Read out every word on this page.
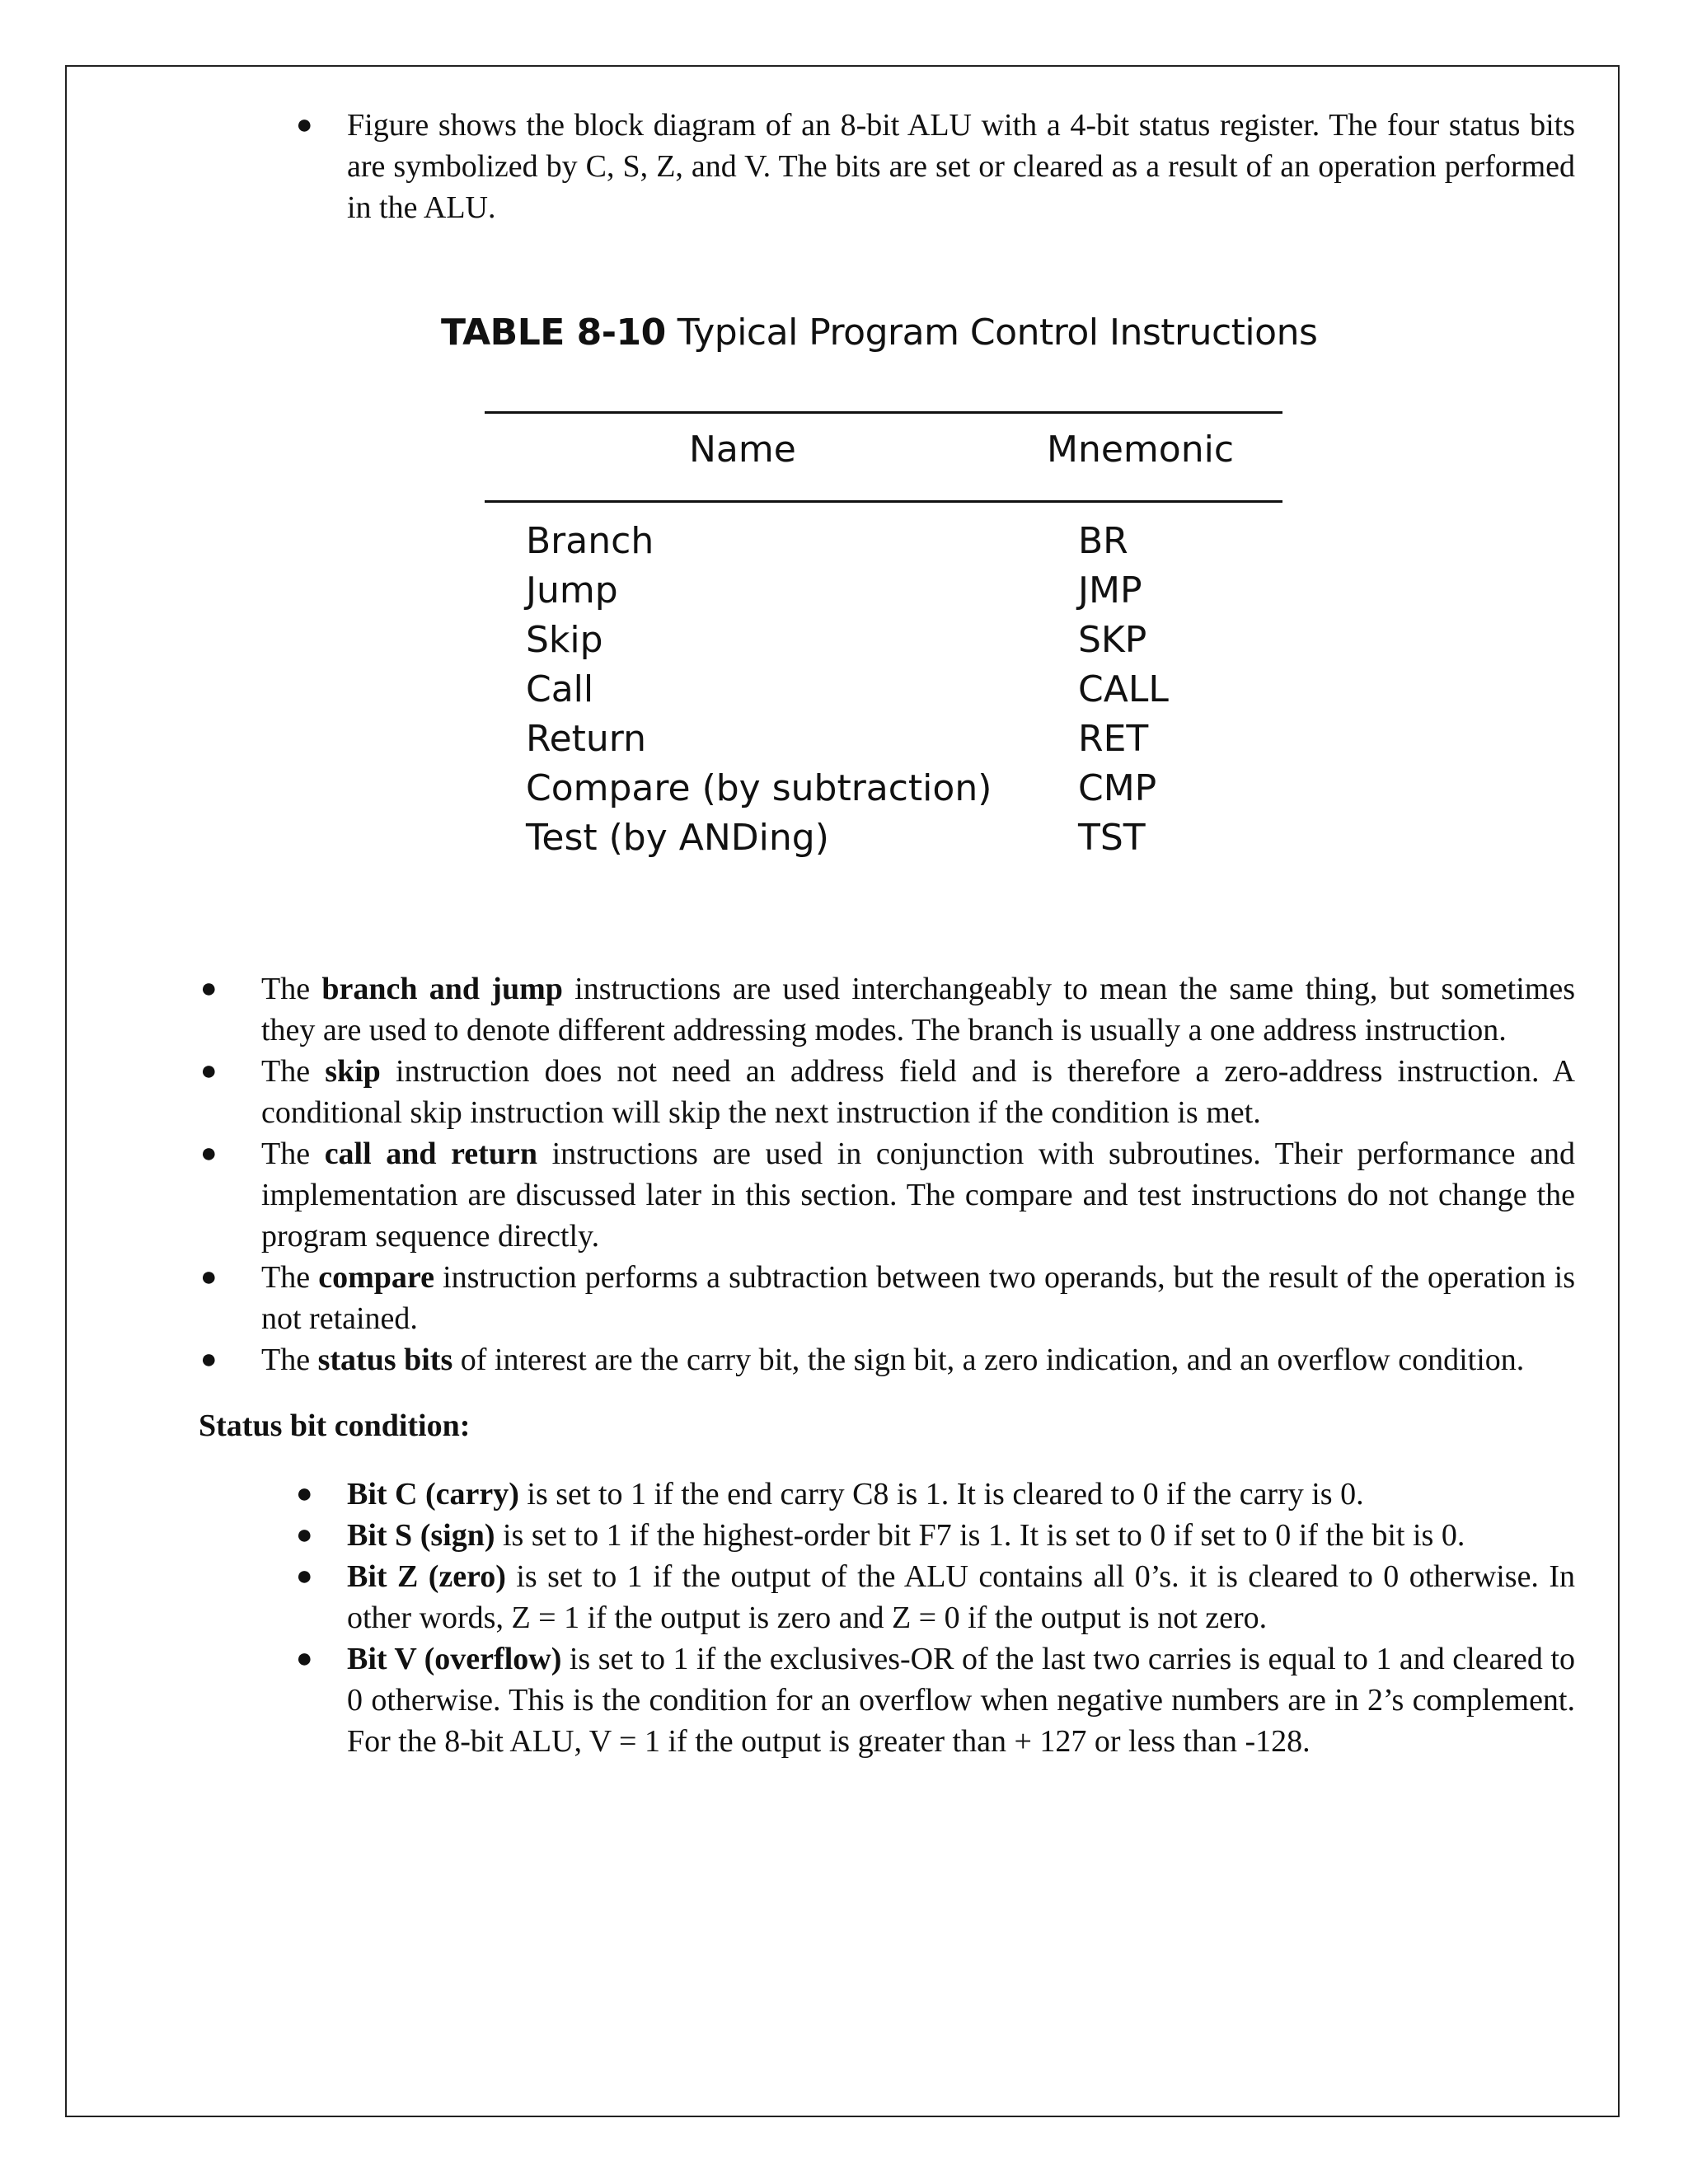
● Figure shows the block diagram of an 8-bit ALU with a 4-bit status register. The four status bits are symbolized by C, S, Z, and V. The bits are set or cleared as a result of an operation performed in the ALU.
TABLE 8-10 Typical Program Control Instructions
Name	Mnemonic
Branch	BR
Jump	JMP
Skip	SKP
Call	CALL
Return	RET
Compare (by subtraction) CMP
Test (by ANDing)	TST
● The branch and jump instructions are used interchangeably to mean the same thing, but sometimes they are used to denote different addressing modes. The branch is usually a one address instruction.
● The skip instruction does not need an address field and is therefore a zero-address instruction. A conditional skip instruction will skip the next instruction if the condition is met.
● The call and return instructions are used in conjunction with subroutines. Their performance and implementation are discussed later in this section. The compare and test instructions do not change the program sequence directly.
● The compare instruction performs a subtraction between two operands, but the result of the operation is not retained.
● The status bits of interest are the carry bit, the sign bit, a zero indication, and an overflow condition.
Status bit condition:
● Bit C (carry) is set to 1 if the end carry C8 is 1. It is cleared to 0 if the carry is 0.
● Bit S (sign) is set to 1 if the highest-order bit F7 is 1. It is set to 0 if set to 0 if the bit is 0.
● Bit Z (zero) is set to 1 if the output of the ALU contains all 0’s. it is cleared to 0 otherwise. In other words, Z = 1 if the output is zero and Z = 0 if the output is not zero.
● Bit V (overflow) is set to 1 if the exclusives-OR of the last two carries is equal to 1 and cleared to 0 otherwise. This is the condition for an overflow when negative numbers are in 2’s complement. For the 8-bit ALU, V = 1 if the output is greater than + 127 or less than -128.
